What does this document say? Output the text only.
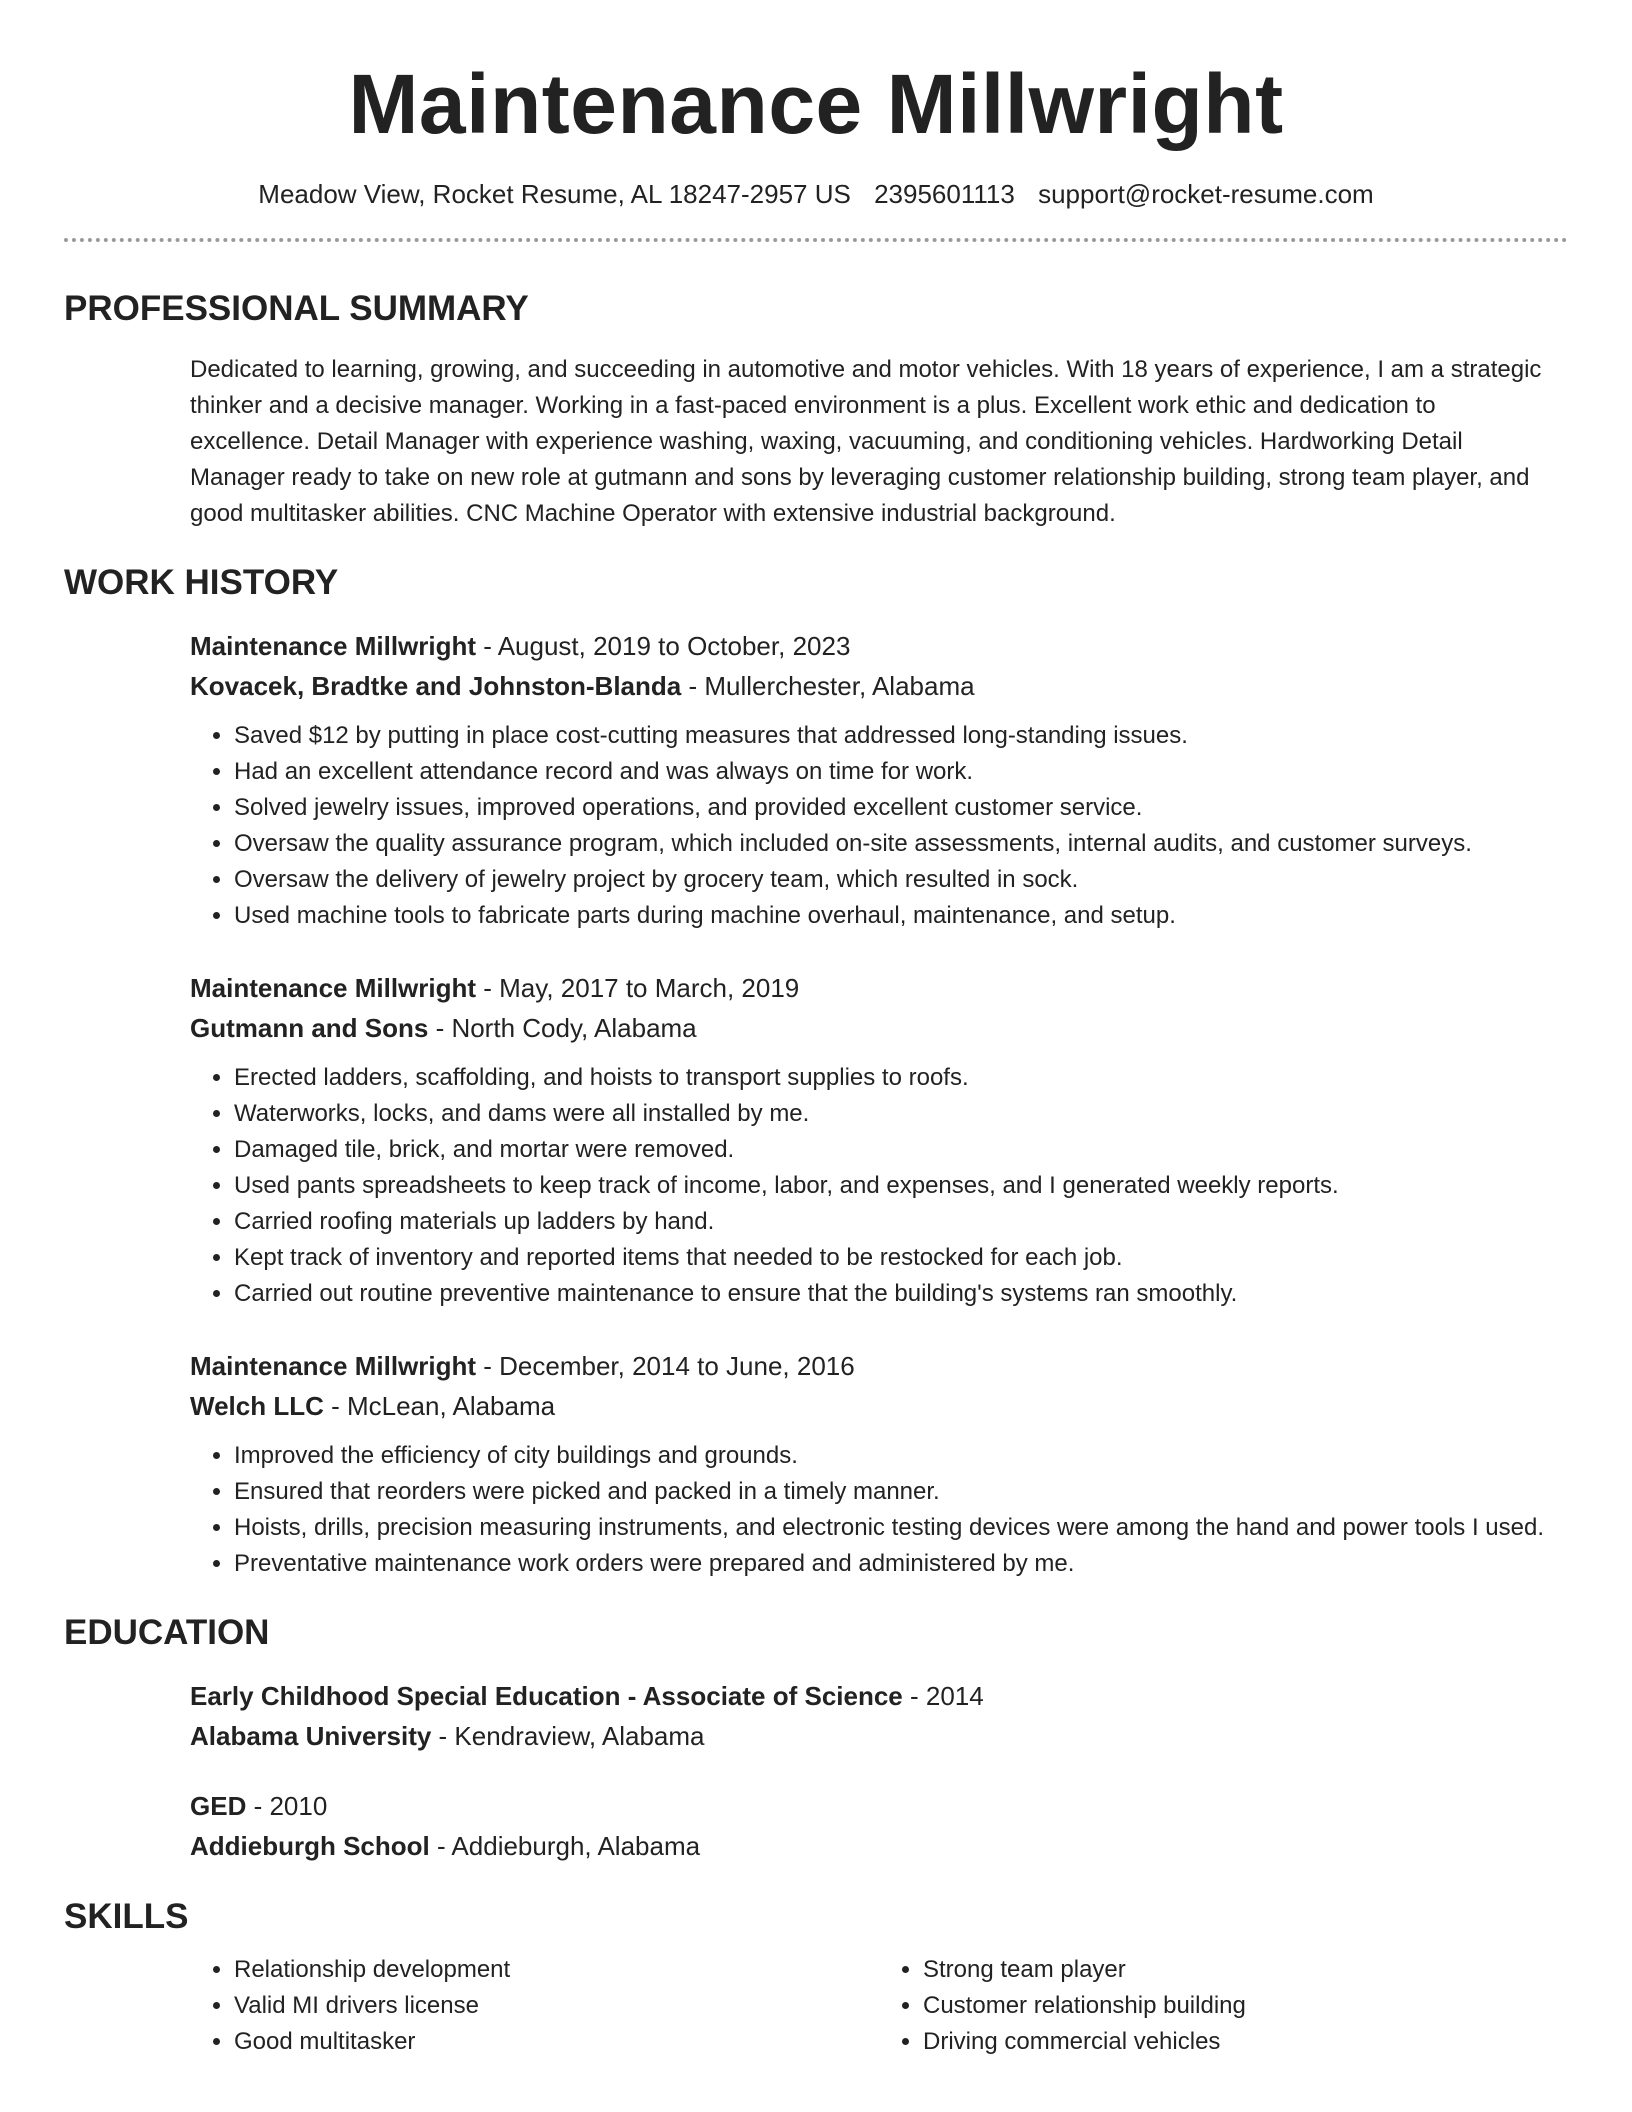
Maintenance Millwright
Meadow View, Rocket Resume, AL 18247-2957 US 2395601113 support@rocket-resume.com
PROFESSIONAL SUMMARY
Dedicated to learning, growing, and succeeding in automotive and motor vehicles. With 18 years of experience, I am a strategic thinker and a decisive manager. Working in a fast-paced environment is a plus. Excellent work ethic and dedication to excellence. Detail Manager with experience washing, waxing, vacuuming, and conditioning vehicles. Hardworking Detail Manager ready to take on new role at gutmann and sons by leveraging customer relationship building, strong team player, and good multitasker abilities. CNC Machine Operator with extensive industrial background.
WORK HISTORY
Maintenance Millwright - August, 2019 to October, 2023
Kovacek, Bradtke and Johnston-Blanda - Mullerchester, Alabama
• Saved $12 by putting in place cost-cutting measures that addressed long-standing issues.
• Had an excellent attendance record and was always on time for work.
• Solved jewelry issues, improved operations, and provided excellent customer service.
• Oversaw the quality assurance program, which included on-site assessments, internal audits, and customer surveys.
• Oversaw the delivery of jewelry project by grocery team, which resulted in sock.
• Used machine tools to fabricate parts during machine overhaul, maintenance, and setup.
Maintenance Millwright - May, 2017 to March, 2019
Gutmann and Sons - North Cody, Alabama
• Erected ladders, scaffolding, and hoists to transport supplies to roofs.
• Waterworks, locks, and dams were all installed by me.
• Damaged tile, brick, and mortar were removed.
• Used pants spreadsheets to keep track of income, labor, and expenses, and I generated weekly reports.
• Carried roofing materials up ladders by hand.
• Kept track of inventory and reported items that needed to be restocked for each job.
• Carried out routine preventive maintenance to ensure that the building's systems ran smoothly.
Maintenance Millwright - December, 2014 to June, 2016
Welch LLC - McLean, Alabama
• Improved the efficiency of city buildings and grounds.
• Ensured that reorders were picked and packed in a timely manner.
• Hoists, drills, precision measuring instruments, and electronic testing devices were among the hand and power tools I used.
• Preventative maintenance work orders were prepared and administered by me.
EDUCATION
Early Childhood Special Education - Associate of Science - 2014
Alabama University - Kendraview, Alabama
GED - 2010
Addieburgh School - Addieburgh, Alabama
SKILLS
• Relationship development
• Valid MI drivers license
• Good multitasker
• Strong team player
• Customer relationship building
• Driving commercial vehicles
